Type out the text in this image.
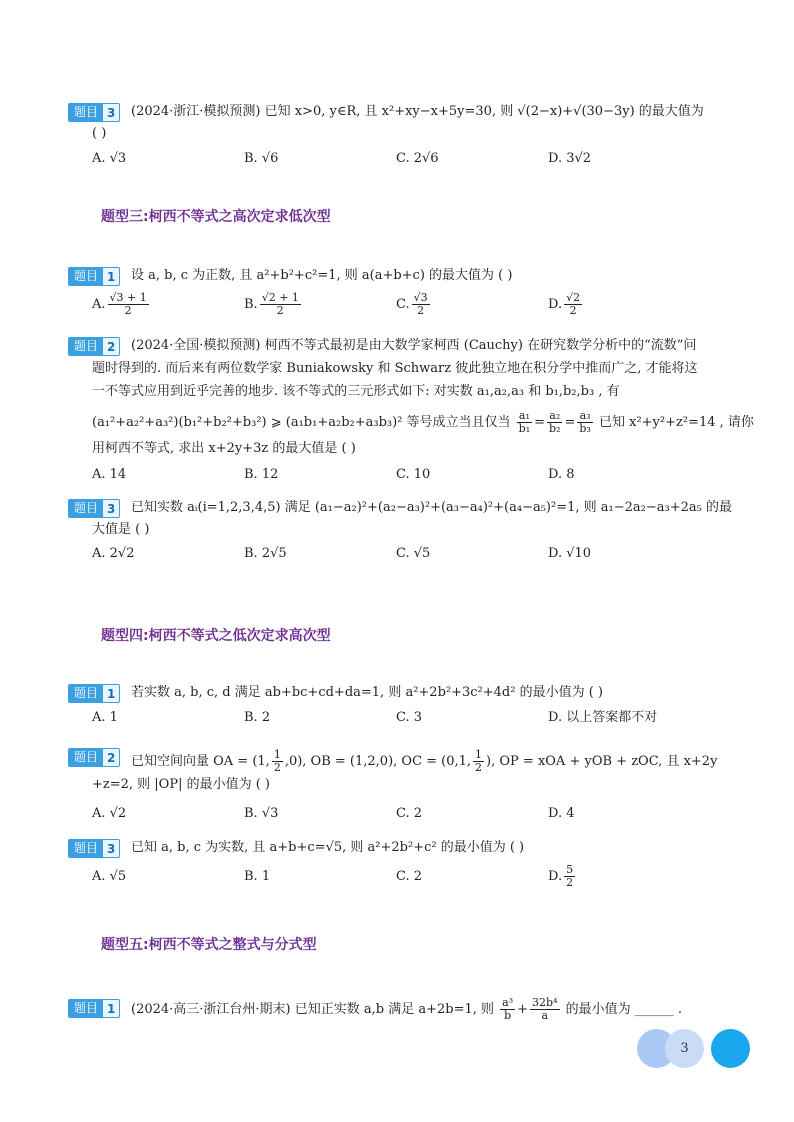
题目 3	(2024·浙江·模拟预测) 已知 x>0, y∈R, 且 x²+xy−x+5y=30, 则 √(2−x)+√(30−3y) 的最大值为
( )
A. √3	B. √6	C. 2√6	D. 3√2
题型三:柯西不等式之高次定求低次型
题目 1	设 a, b, c 为正数, 且 a²+b²+c²=1, 则 a(a+b+c) 的最大值为 ( )
A. $\frac{√3 + 1}{2}$	B. $\frac{√2 + 1}{2}$	C. $\frac{√3}{2}$	D. $\frac{√2}{2}$
题目 2	(2024·全国·模拟预测) 柯西不等式最初是由大数学家柯西 (Cauchy) 在研究数学分析中的“流数”问
题时得到的. 而后来有两位数学家 Buniakowsky 和 Schwarz 彼此独立地在积分学中推而广之, 才能将这
一不等式应用到近乎完善的地步. 该不等式的三元形式如下: 对实数 a₁,a₂,a₃ 和 b₁,b₂,b₃ , 有
(a₁²+a₂²+a₃²)(b₁²+b₂²+b₃²) ⩾ (a₁b₁+a₂b₂+a₃b₃)² 等号成立当且仅当 $\frac{\text{a₁}}{\text{b₁}} = \frac{\text{a₂}}{\text{b₂}} = \frac{\text{a₃}}{\text{b₃}}$ 已知 x²+y²+z²=14 , 请你
用柯西不等式, 求出 x+2y+3z 的最大值是 ( )
A. 14	B. 12	C. 10	D. 8
题目 3	已知实数 aᵢ(i=1,2,3,4,5) 满足 (a₁−a₂)²+(a₂−a₃)²+(a₃−a₄)²+(a₄−a₅)²=1, 则 a₁−2a₂−a₃+2a₅ 的最
大值是 ( )
A. 2√2	B. 2√5	C. √5	D. √10
题型四:柯西不等式之低次定求高次型
题目 1	若实数 a, b, c, d 满足 ab+bc+cd+da=1, 则 a²+2b²+3c²+4d² 的最小值为 ( )
A. 1	B. 2	C. 3	D. 以上答案都不对
题目 2	已知空间向量 OA = (1, $\frac{1}{2} ,0$), OB = (1,2,0), OC = (0,1, $\frac{1}{2}$ ), OP = xOA + yOB + zOC, 且 x+2y
+z=2, 则 |OP| 的最小值为 ( )
A. √2	B. √3	C. 2	D. 4
题目 3	已知 a, b, c 为实数, 且 a+b+c=√5, 则 a²+2b²+c² 的最小值为 ( )
A. √5	B. 1	C. 2	D. $\frac{5}{2}$
题型五:柯西不等式之整式与分式型
题目 1	(2024·高三·浙江台州·期末) 已知正实数 a,b 满足 a+2b=1, 则 $\frac{\text{a³}}{b} + \frac{\text{32b⁴}}{a}$ 的最小值为 ______ .
3
